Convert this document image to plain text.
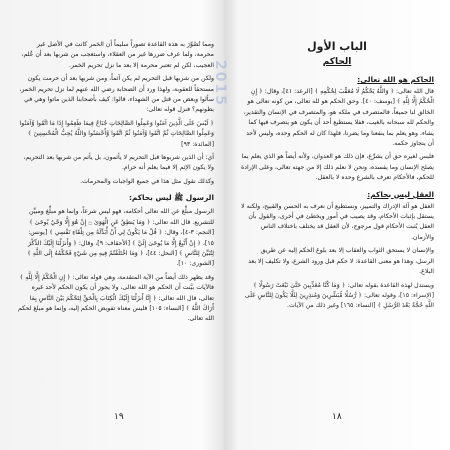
ومما تُصُوِّرَ به هذه القاعدة تصوراً سليماً أن الخمر كانت في الأصل غير محرمة، ولما عرف ضررها غير من العقلاء، واستعجب من شربها بعد أن عُلم، العجيب، لكن لم تعتبر محرمة إلا بعد ما نزل تحريم الخمر.

ولكن من شربها قبل التحريم لم يكن آثماً، ومن شربها بعد أن حرمت يكون مستحقاً للعقوبة، ولهذا ورد أن الصحابة رضي الله عنهم لما نزل تحريم الخمر، سألوا وبعض من قتل من الشهداء، قالوا: كيف بأصحابنا الذين ماتوا وهي في بطونهم؟ فنزل قوله تعالى:

﴿ لَيْسَ عَلَى الَّذِينَ آمَنُوا وَعَمِلُوا الصَّالِحَاتِ جُنَاحٌ فِيمَا طَعِمُوا إِذَا مَا اتَّقَوا وَّآمَنُوا وَعَمِلُوا الصَّالِحَاتِ ثُمَّ اتَّقَوا وَّآمَنُوا ثُمَّ اتَّقَوا وَّأَحْسَنُوا وَاللَّهُ يُحِبُّ الْمُحْسِنِينَ ﴾ [المائدة: ٩٣]

أي: أن الذين شربوها قبل التحريم لا يأثمون، بل يأثم من شربها بعد التحريم، ولا يكون الإثم إلا فيما يعلم أنه حرام.

وكذلك نقول مثل هذا في جميع الواجبات والمحرمات.

الرسول ﷺ ليس بحاكم:

الرسول مبلِّغ عن الله تعالى أحكامه، فهو ليس شرعاً، وإنما هو مبلِّغ ومبيِّن للتشريع. قال الله تعالى: ﴿ وَمَا يَنطِقُ عَنِ الْهَوَىٰ ۝ إِنْ هُوَ إِلَّا وَحْيٌ يُوحَىٰ ﴾ [النجم: ٣-٤]، وقال: ﴿ قُلْ مَا يَكُونُ لِي أَنْ أُبَدِّلَهُ مِن تِلْقَاءِ نَفْسِي ﴾ [يونس: ١٥]، ﴿ إِنْ أَتَّبِعُ إِلَّا مَا يُوحَىٰ إِلَيَّ ﴾ [الأحقاف: ٩]، وقال: ﴿ وَأَنزَلْنَا إِلَيْكَ الذِّكْرَ لِتُبَيِّنَ لِلنَّاسِ ﴾ [النحل: ٤٤]، ﴿ وَمَا اخْتَلَفْتُمْ فِيهِ مِن شَيْءٍ فَحُكْمُهُ إِلَى اللَّهِ ﴾ [الشورى: ١٠].

وقد يظهر ذلك أيضاً من الآية المتقدمة، وهي قوله تعالى: ﴿ إِنِ الْحُكْمُ إِلَّا لِلَّهِ ﴾ فالآيات بيَّنت أن الحكم هو الله تعالى، ولا يجوز أن يكون الحكم لأحد غيره تعالى، قال الله تعالى: ﴿ إِنَّا أَنزَلْنَا إِلَيْكَ الْكِتَابَ بِالْحَقِّ لِتَحْكُمَ بَيْنَ النَّاسِ بِمَا أَرَاكَ اللَّهُ ﴾ [النساء: ١٠٥] فليس معناه تفويض الحكم إليه، وإنما هو مبلغ لحكم الله تعالى.

١٩
2015
الباب الأول
الحاكم
الحاكم هو الله تعالى:

قال الله تعالى: ﴿ وَاللَّهُ يَحْكُمُ لَا مُعَقِّبَ لِحُكْمِهِ ﴾ [الرعد: ٤١]، وقال: ﴿ إِنِ الْحُكْمُ إِلَّا لِلَّهِ ﴾ [يوسف: ٤٠]. وحق الحكم هو لله تعالى، من كونه تعالى هو الخالق لنا جميعاً، فالمتصرف في ملكه هو، والمتصرف في الإنسان والتقدير، والحكم لله سبحانه بالغيب، ففلا يستطيع أحد أن يكون هو يتصرف فيها كما يشاء، وهو يعلم بما ينفعنا وما يضرنا، فلهذا كان له الحكم وحده، وليس لأحد أن يتجاوز حكمه.

فليس لغيره حق أن يشرِّع، فإن ذلك هو العدوان، ولأنه أيضاً هو الذي يعلم بما يصلح الإنسان وما يفسده، ونحن لا نعلم ذلك إلا من جهته تعالى، وعلى الإرادة للحكم، فالأحكام تعرف بالشرع وحده لا بالعقل.

العقل ليس بحاكم:

العقل هو آلة الإدراك والتمييز، ونستطيع أن نعرف به الحسن والقبيح، ولكنه لا يستقل بإثبات الأحكام، وقد يصيب في أمور ويخطئ في أخرى، والقول بأن العقل يُثبت الأحكام قول مرجوح، لأن العقل قد يختلف باختلاف الناس والأزمان.

والإنسان لا يستحق الثواب والعقاب إلا بعد بلوغ الحكم إليه عن طريق الرسل، وهذا هو معنى القاعدة: لا حكم قبل ورود الشرع، ولا تكليف إلا بعد البلاغ.

ويستدل لهذه القاعدة بقوله تعالى: ﴿ وَمَا كُنَّا مُعَذِّبِينَ حَتَّىٰ نَبْعَثَ رَسُولًا ﴾ [الإسراء: ١٥]، وقوله تعالى: ﴿ رُّسُلًا مُّبَشِّرِينَ وَمُنذِرِينَ لِئَلَّا يَكُونَ لِلنَّاسِ عَلَى اللَّهِ حُجَّةٌ بَعْدَ الرُّسُلِ ﴾ [النساء: ١٦٥] وغير ذلك من الآيات.

١٨
